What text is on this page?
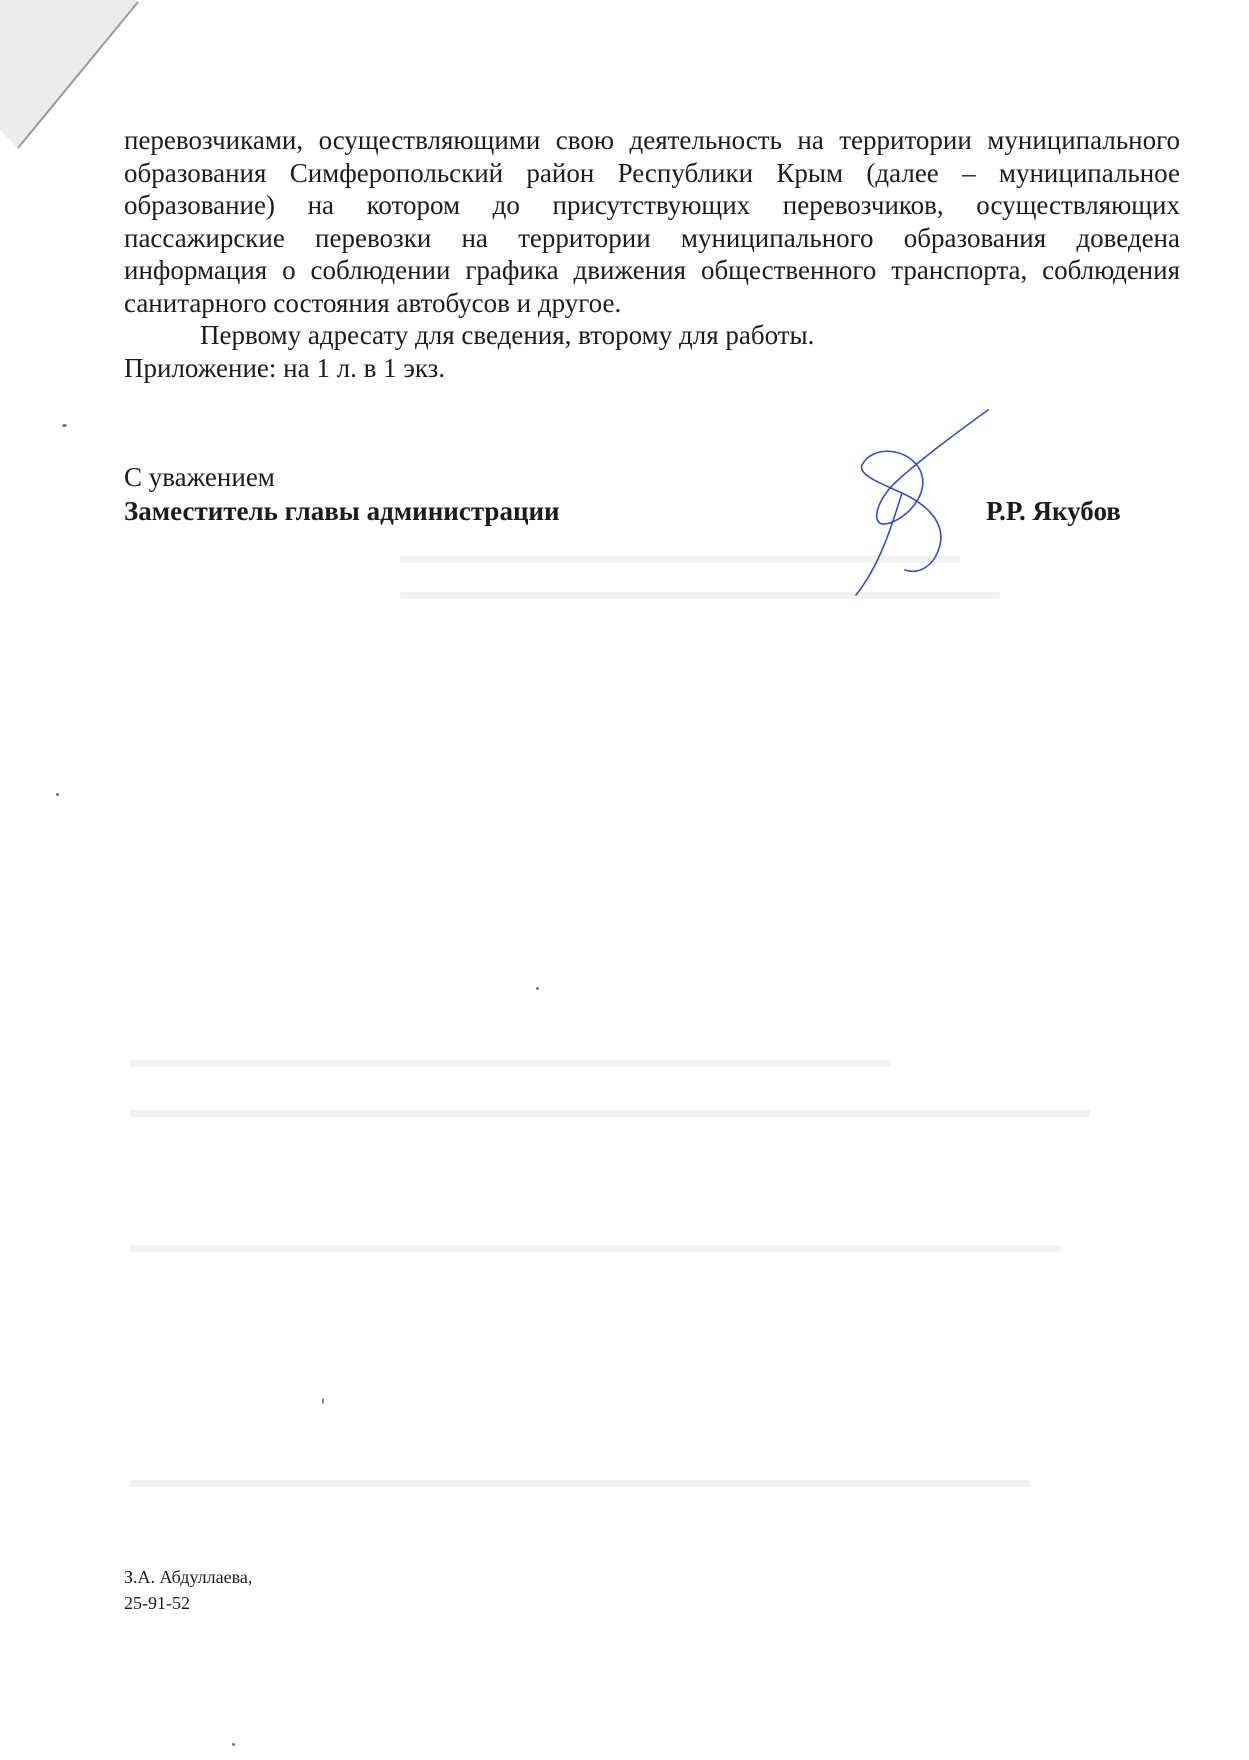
перевозчиками, осуществляющими свою деятельность на территории муниципального образования Симферопольский район Республики Крым (далее – муниципальное образование) на котором до присутствующих перевозчиков, осуществляющих пассажирские перевозки на территории муниципального образования доведена информация о соблюдении графика движения общественного транспорта, соблюдения санитарного состояния автобусов и другое.

Первому адресату для сведения, второму для работы.

Приложение: на 1 л. в 1 экз.

С уважением
Заместитель главы администрации	Р.Р. Якубов
З.А. Абдуллаева,
25-91-52
